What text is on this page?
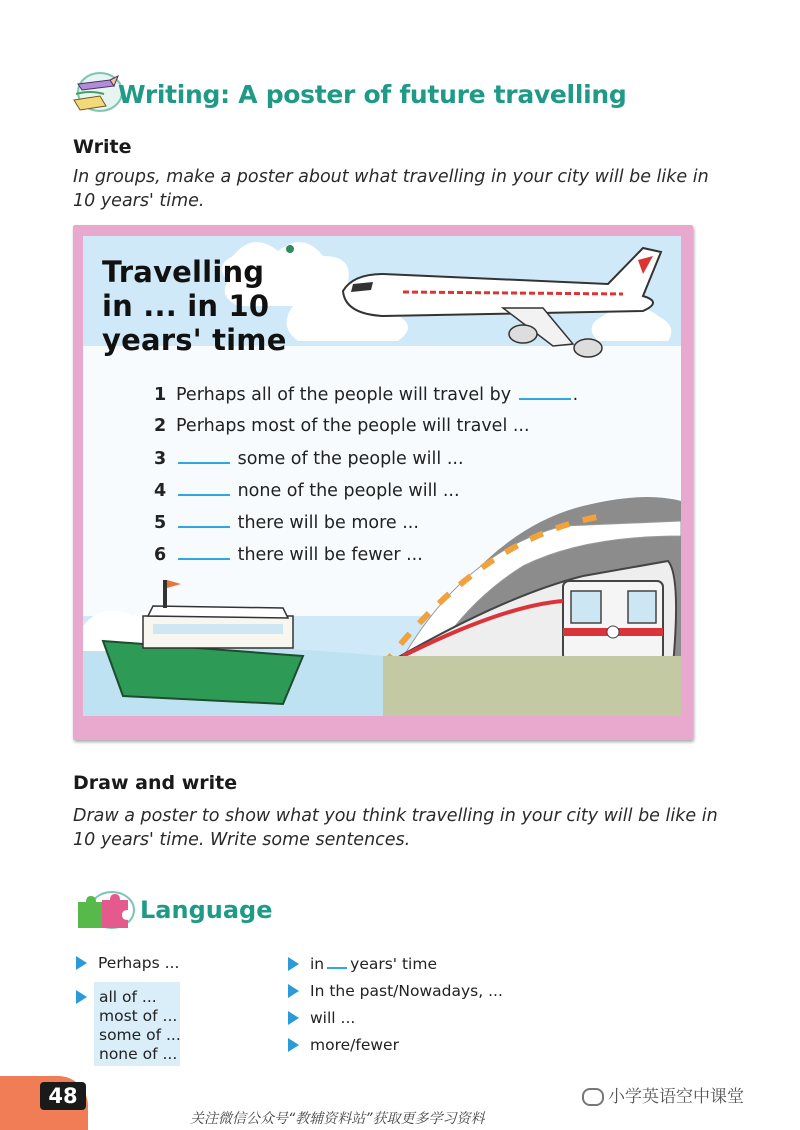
Writing: A poster of future travelling
Write
In groups, make a poster about what travelling in your city will be like in
10 years' time.
Travelling
in ... in 10
years' time
1 Perhaps all of the people will travel by	.
2 Perhaps most of the people will travel ...
3	some of the people will ...
4	none of the people will ...
5	there will be more ...
6	there will be fewer ...
Draw and write
Draw a poster to show what you think travelling in your city will be like in
10 years' time. Write some sentences.
Language
Perhaps ...
all of ...
most of ...
some of ...
none of ...
in years' time
In the past/Nowadays, ...
will ...
more/fewer
48	小学英语空中课堂
关注微信公众号“教辅资料站”获取更多学习资料
